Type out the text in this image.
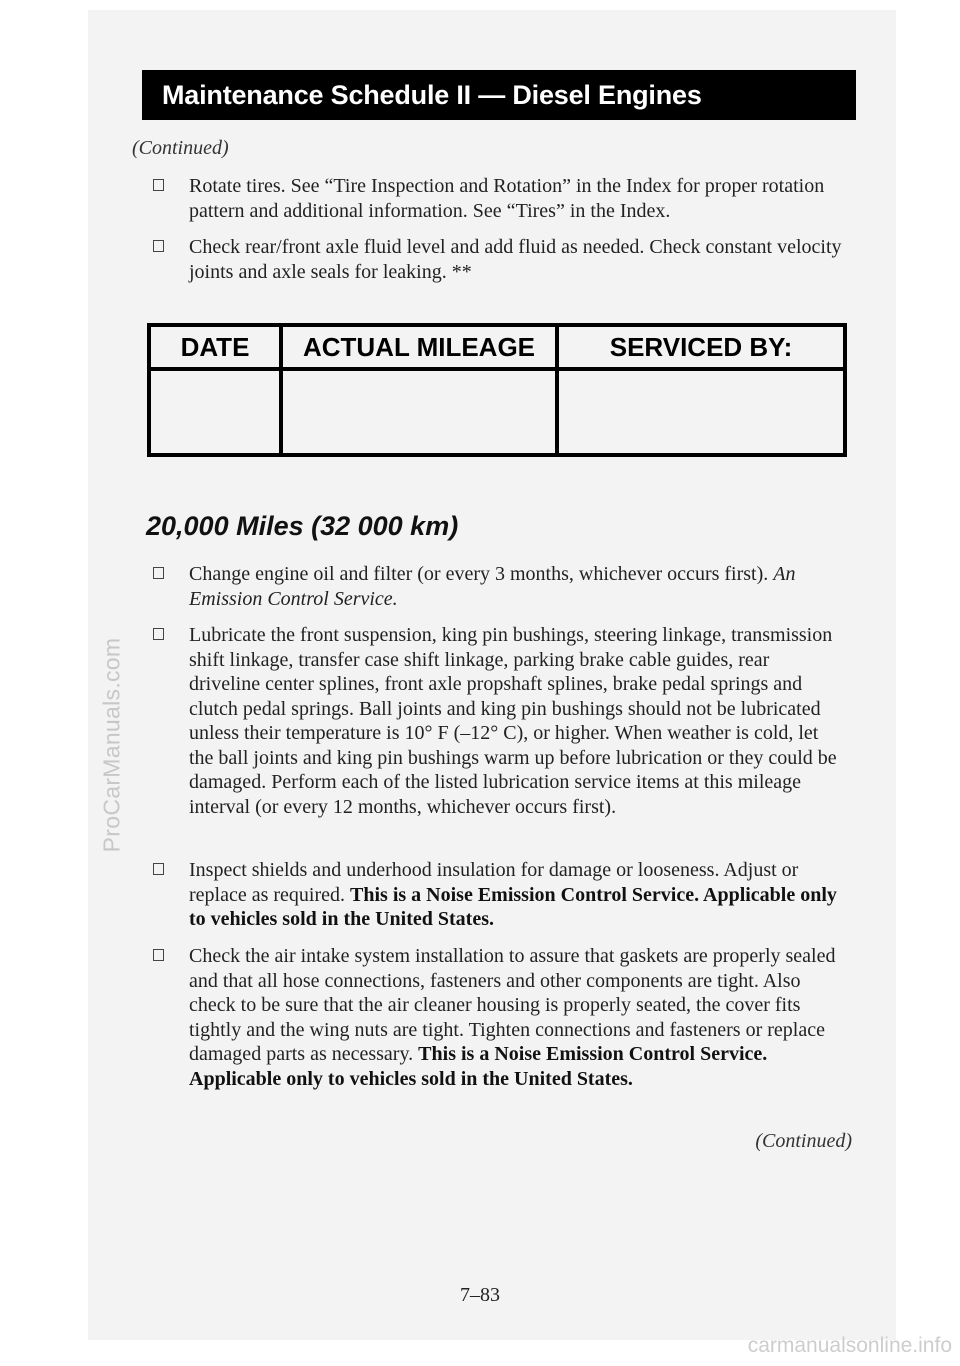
ProCarManuals.com
carmanualsonline.info
Maintenance Schedule II — Diesel Engines
(Continued)
Rotate tires. See “Tire Inspection and Rotation” in the Index for proper rotation pattern and additional information. See “Tires” in the Index.
Check rear/front axle fluid level and add fluid as needed. Check constant velocity joints and axle seals for leaking. **
DATE	ACTUAL MILEAGE	SERVICED BY:

20,000 Miles (32 000 km)
Change engine oil and filter (or every 3 months, whichever occurs first). An Emission Control Service.
Lubricate the front suspension, king pin bushings, steering linkage, transmission shift linkage, transfer case shift linkage, parking brake cable guides, rear driveline center splines, front axle propshaft splines, brake pedal springs and clutch pedal springs. Ball joints and king pin bushings should not be lubricated unless their temperature is 10° F (–12° C), or higher. When weather is cold, let the ball joints and king pin bushings warm up before lubrication or they could be damaged. Perform each of the listed lubrication service items at this mileage interval (or every 12 months, whichever occurs first).
Inspect shields and underhood insulation for damage or looseness. Adjust or replace as required. This is a Noise Emission Control Service. Applicable only to vehicles sold in the United States.
Check the air intake system installation to assure that gaskets are properly sealed and that all hose connections, fasteners and other components are tight. Also check to be sure that the air cleaner housing is properly seated, the cover fits tightly and the wing nuts are tight. Tighten connections and fasteners or replace damaged parts as necessary. This is a Noise Emission Control Service. Applicable only to vehicles sold in the United States.
(Continued)
7–83
